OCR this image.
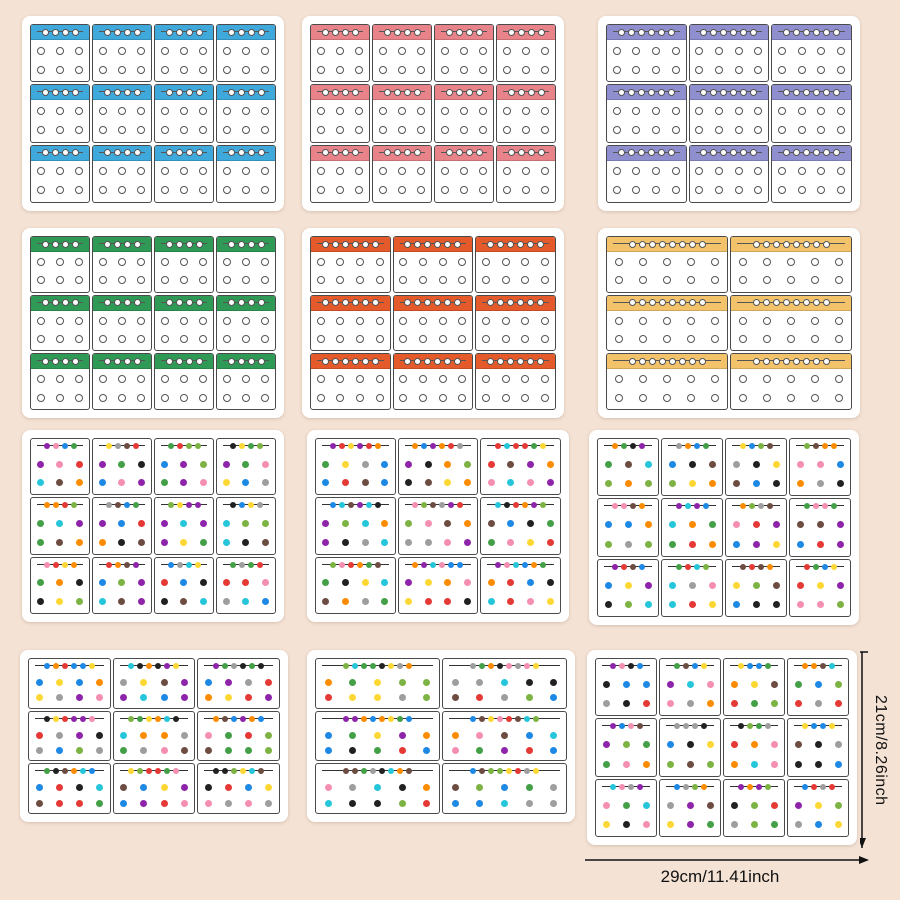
21cm/8.26inch
29cm/11.41inch
